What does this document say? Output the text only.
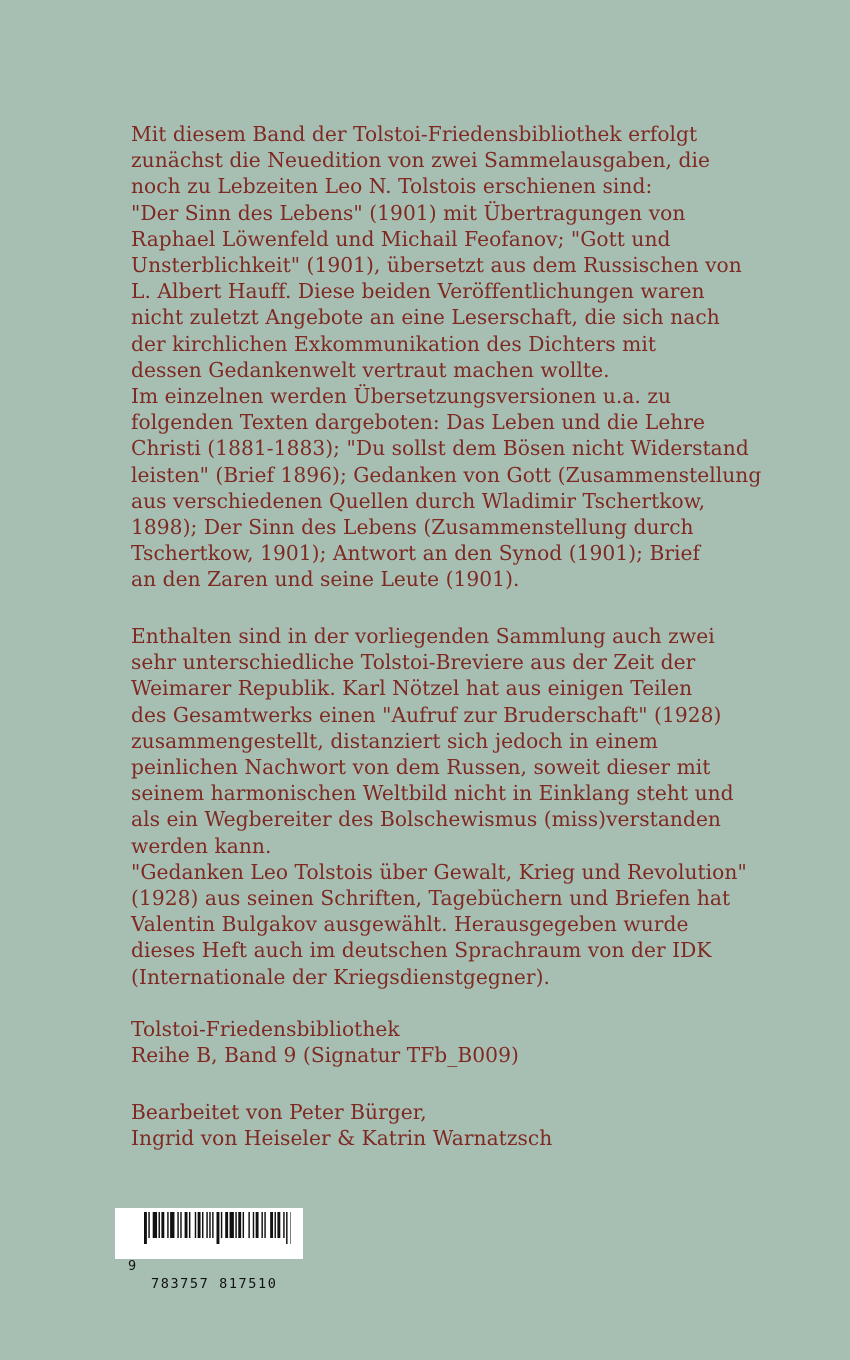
Mit diesem Band der Tolstoi-Friedensbibliothek erfolgt
zunächst die Neuedition von zwei Sammelausgaben, die
noch zu Lebzeiten Leo N. Tolstois erschienen sind:
"Der Sinn des Lebens" (1901) mit Übertragungen von
Raphael Löwenfeld und Michail Feofanov; "Gott und
Unsterblichkeit" (1901), übersetzt aus dem Russischen von
L. Albert Hauff. Diese beiden Veröffentlichungen waren
nicht zuletzt Angebote an eine Leserschaft, die sich nach
der kirchlichen Exkommunikation des Dichters mit
dessen Gedankenwelt vertraut machen wollte.
Im einzelnen werden Übersetzungsversionen u.a. zu
folgenden Texten dargeboten: Das Leben und die Lehre
Christi (1881-1883); "Du sollst dem Bösen nicht Widerstand
leisten" (Brief 1896); Gedanken von Gott (Zusammenstellung
aus verschiedenen Quellen durch Wladimir Tschertkow,
1898); Der Sinn des Lebens (Zusammenstellung durch
Tschertkow, 1901); Antwort an den Synod (1901); Brief
an den Zaren und seine Leute (1901).
Enthalten sind in der vorliegenden Sammlung auch zwei
sehr unterschiedliche Tolstoi-Breviere aus der Zeit der
Weimarer Republik. Karl Nötzel hat aus einigen Teilen
des Gesamtwerks einen "Aufruf zur Bruderschaft" (1928)
zusammengestellt, distanziert sich jedoch in einem
peinlichen Nachwort von dem Russen, soweit dieser mit
seinem harmonischen Weltbild nicht in Einklang steht und
als ein Wegbereiter des Bolschewismus (miss)verstanden
werden kann.
"Gedanken Leo Tolstois über Gewalt, Krieg und Revolution"
(1928) aus seinen Schriften, Tagebüchern und Briefen hat
Valentin Bulgakov ausgewählt. Herausgegeben wurde
dieses Heft auch im deutschen Sprachraum von der IDK
(Internationale der Kriegsdienstgegner).
Tolstoi-Friedensbibliothek
Reihe B, Band 9 (Signatur TFb_B009)
Bearbeitet von Peter Bürger,
Ingrid von Heiseler & Katrin Warnatzsch

9

783757 817510
